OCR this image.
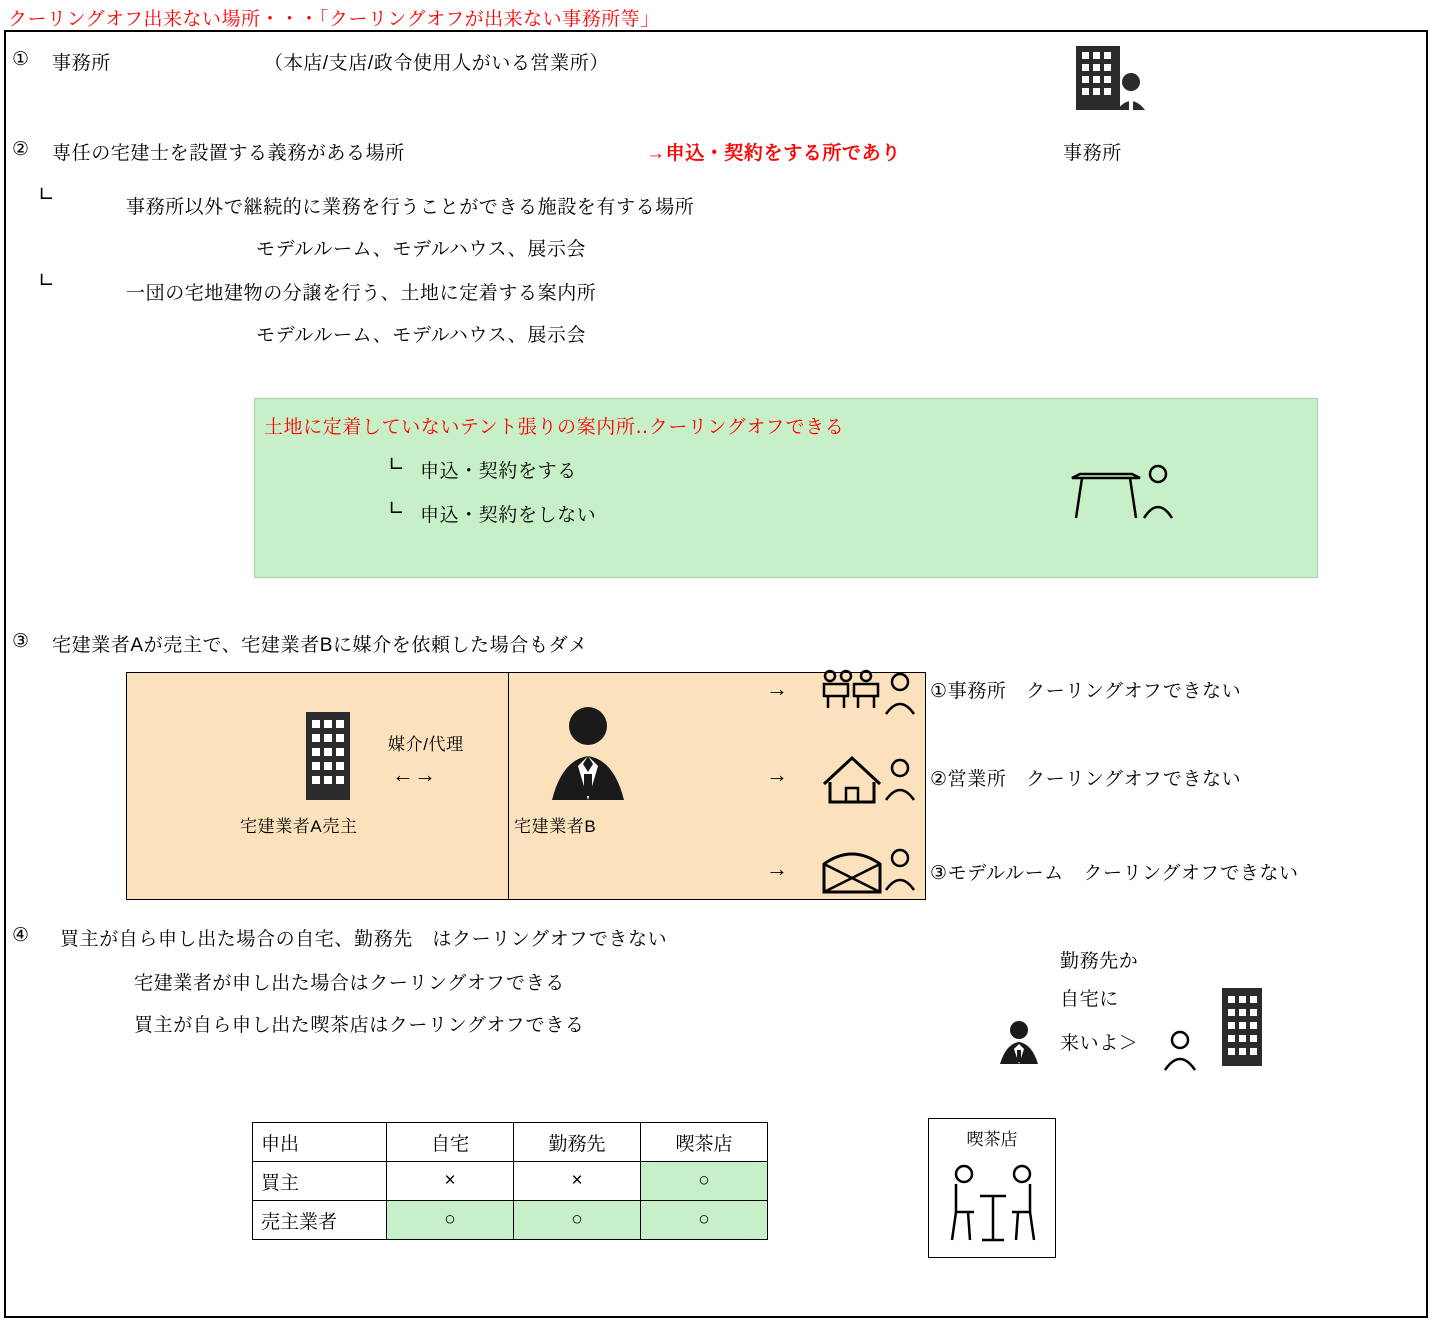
クーリングオフ出来ない場所・・・「クーリングオフが出来ない事務所等」
① 事務所	（本店/支店/政令使用人がいる営業所）
事務所
② 専任の宅建士を設置する義務がある場所	→申込・契約をする所であり
∟
事務所以外で継続的に業務を行うことができる施設を有する場所
モデルルーム、モデルハウス、展示会
∟
一団の宅地建物の分譲を行う、土地に定着する案内所
モデルルーム、モデルハウス、展示会
土地に定着していないテント張りの案内所‥クーリングオフできる
∟ 申込・契約をする
∟ 申込・契約をしない
③ 宅建業者Aが売主で、宅建業者Bに媒介を依頼した場合もダメ
宅建業者A売主
媒介/代理
←→
宅建業者B
→
→
→
①事務所　クーリングオフできない
②営業所　クーリングオフできない
③モデルルーム　クーリングオフできない
④ 買主が自ら申し出た場合の自宅、勤務先　はクーリングオフできない
宅建業者が申し出た場合はクーリングオフできる
買主が自ら申し出た喫茶店はクーリングオフできる
勤務先か
自宅に
来いよ＞
申出	自宅	勤務先	喫茶店
買主	×	×	○
売主業者	○	○	○
喫茶店
